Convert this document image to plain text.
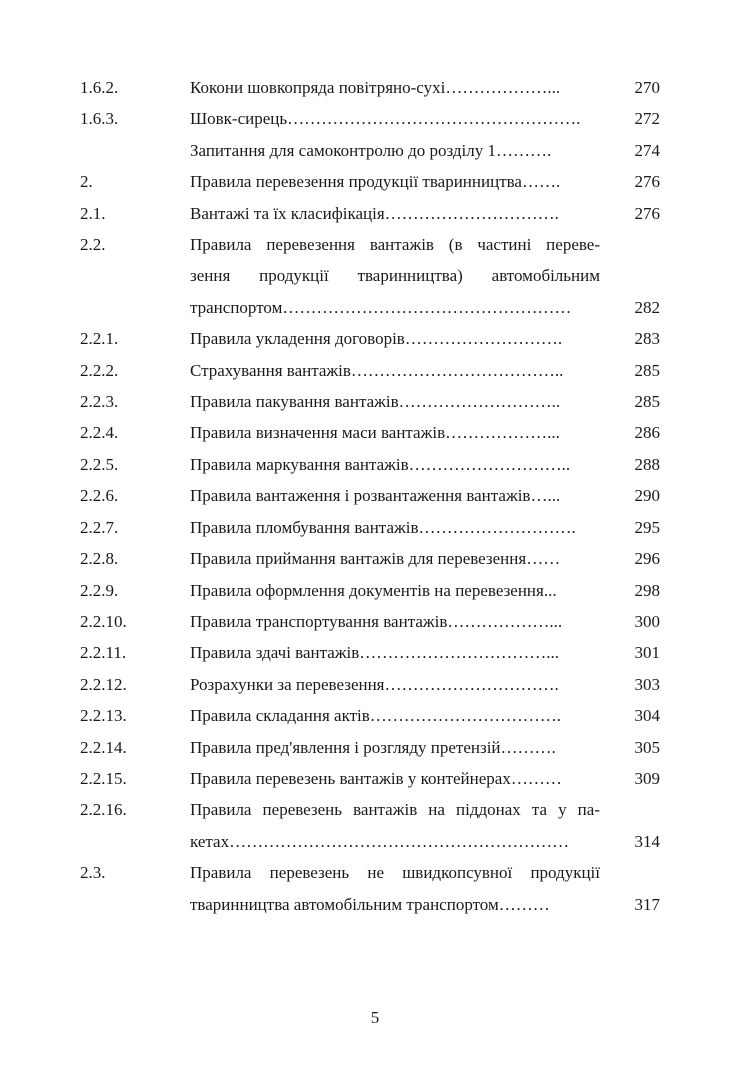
1.6.2.	Кокони шовкопряда повітряно-сухі………………...	270
1.6.3.	Шовк-сирець…………………………………………….	272
Запитання для самоконтролю до розділу 1……….	274
2.	Правила перевезення продукції тваринництва…….	276
2.1.	Вантажі та їх класифікація………………………….	276
2.2.	Правила перевезення вантажів (в частині переве-
зення продукції тваринництва) автомобільним
транспортом……………………………………………	282
2.2.1.	Правила укладення договорів……………………….	283
2.2.2.	Страхування вантажів………………………………..	285
2.2.3.	Правила пакування вантажів………………………..	285
2.2.4.	Правила визначення маси вантажів………………...	286
2.2.5.	Правила маркування вантажів………………………..	288
2.2.6.	Правила вантаження і розвантаження вантажів…...	290
2.2.7.	Правила пломбування вантажів……………………….	295
2.2.8.	Правила приймання вантажів для перевезення……	296
2.2.9.	Правила оформлення документів на перевезення...	298
2.2.10.	Правила транспортування вантажів………………...	300
2.2.11.	Правила здачі вантажів……………………………...	301
2.2.12.	Розрахунки за перевезення………………………….	303
2.2.13.	Правила складання актів…………………………….	304
2.2.14.	Правила пред'явлення і розгляду претензій……….	305
2.2.15.	Правила перевезень вантажів у контейнерах………	309
2.2.16.	Правила перевезень вантажів на піддонах та у па-
кетах……………………………………………………	314
2.3.	Правила перевезень не швидкопсувної продукції
тваринництва автомобільним транспортом………	317
5
